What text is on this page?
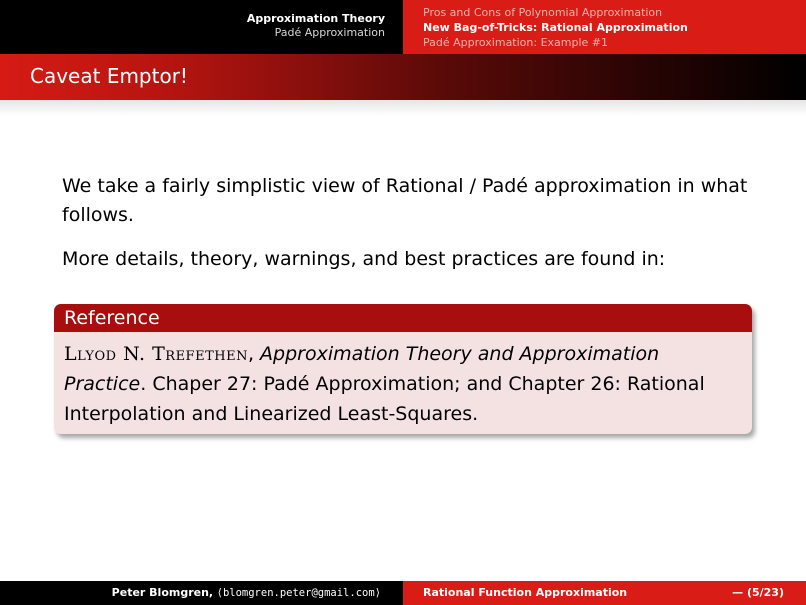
Approximation Theory
Padé Approximation
Pros and Cons of Polynomial Approximation
New Bag-of-Tricks: Rational Approximation
Padé Approximation: Example #1
Caveat Emptor!
We take a fairly simplistic view of Rational / Padé approximation in what follows.
More details, theory, warnings, and best practices are found in:
Reference
Llyod N. Trefethen, Approximation Theory and Approximation Practice. Chaper 27: Padé Approximation; and Chapter 26: Rational Interpolation and Linearized Least-Squares.
Peter Blomgren, ⟨blomgren.peter@gmail.com⟩	Rational Function Approximation	— (5/23)
